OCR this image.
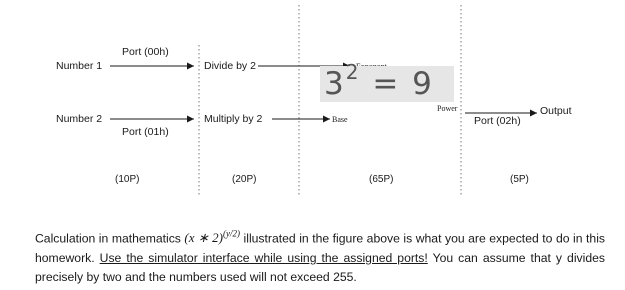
Number 1
Number 2
Port (00h)
Port (01h)
Divide by 2
Multiply by 2	Base
Power	Output
Port (02h)
(10P)	(20P)	(65P)	(5P)
$3^2 = 9$

Calculation in mathematics (x ∗ 2)$^{(y/2)}$ illustrated in the figure above is what you are expected to do in this homework. Use the simulator interface while using the assigned ports! You can assume that y divides precisely by two and the numbers used will not exceed 255.
